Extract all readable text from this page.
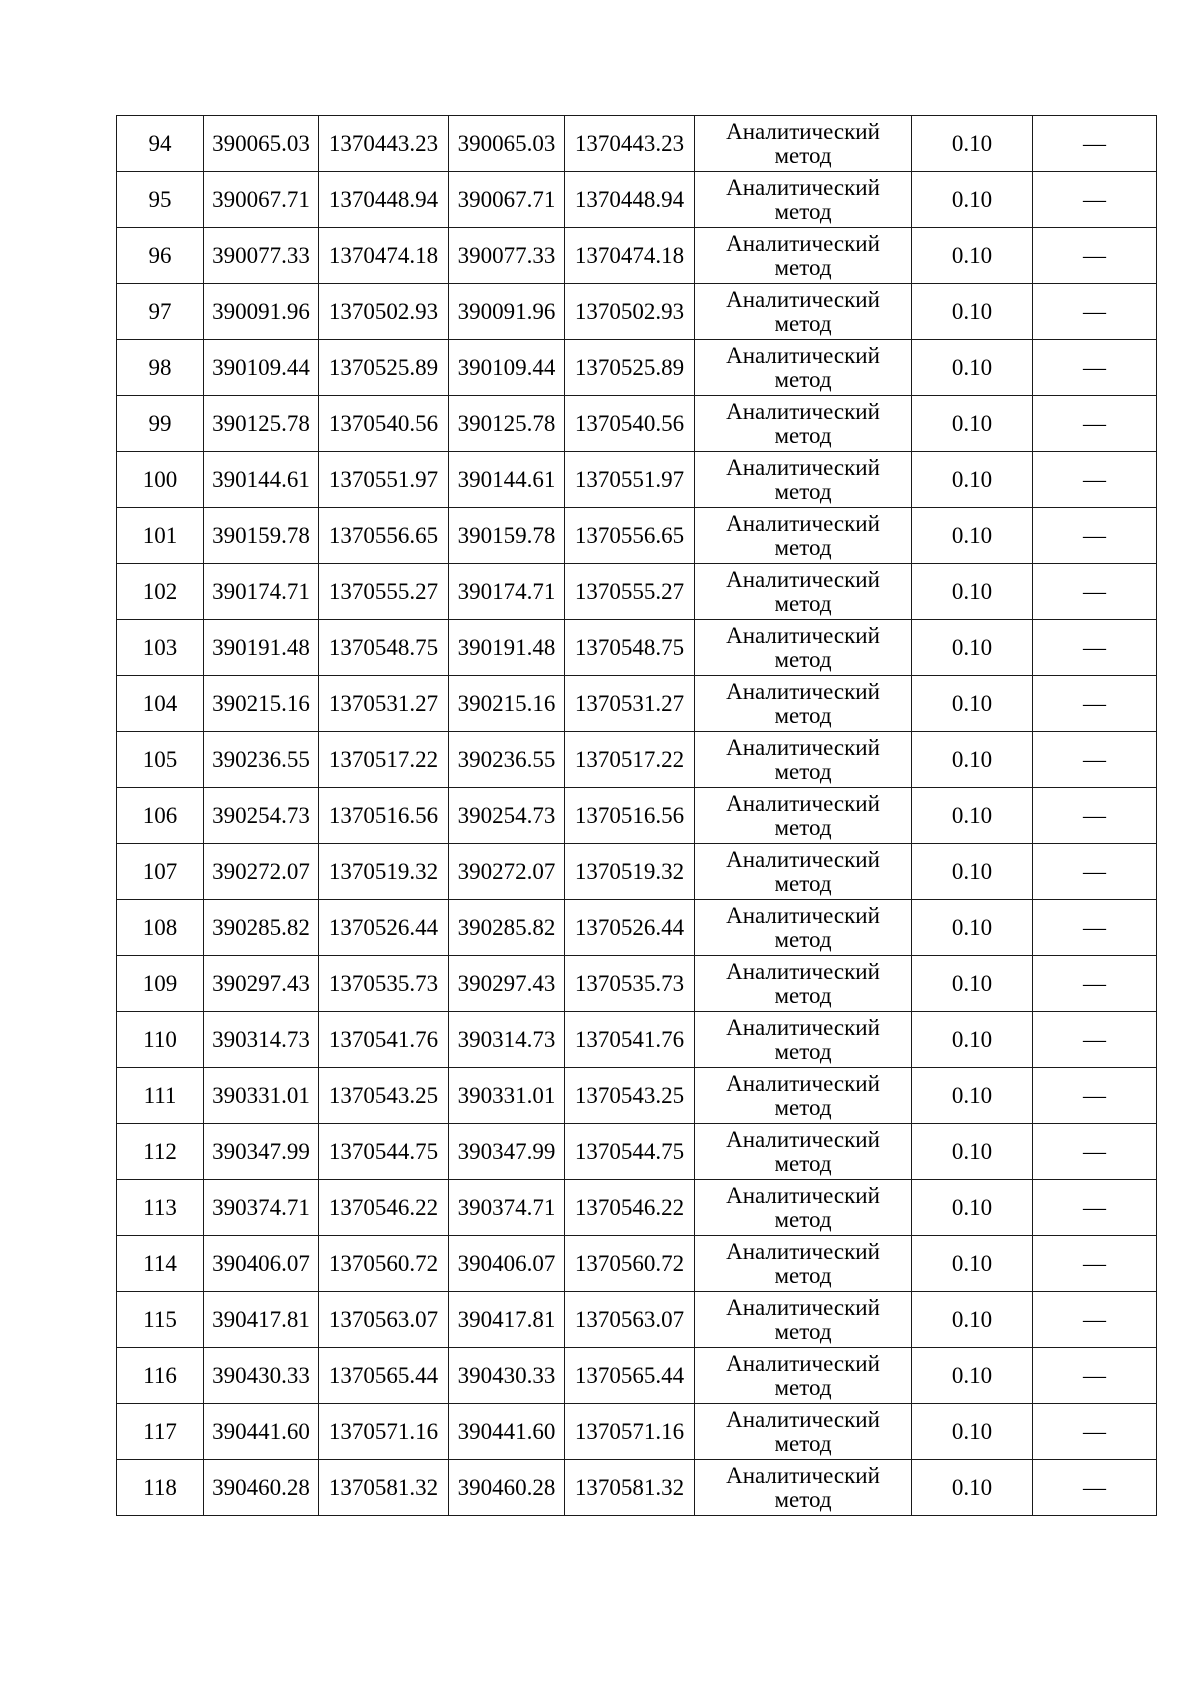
94	390065.03	1370443.23	390065.03	1370443.23	Аналитический метод	0.10	—
95	390067.71	1370448.94	390067.71	1370448.94	Аналитический метод	0.10	—
96	390077.33	1370474.18	390077.33	1370474.18	Аналитический метод	0.10	—
97	390091.96	1370502.93	390091.96	1370502.93	Аналитический метод	0.10	—
98	390109.44	1370525.89	390109.44	1370525.89	Аналитический метод	0.10	—
99	390125.78	1370540.56	390125.78	1370540.56	Аналитический метод	0.10	—
100	390144.61	1370551.97	390144.61	1370551.97	Аналитический метод	0.10	—
101	390159.78	1370556.65	390159.78	1370556.65	Аналитический метод	0.10	—
102	390174.71	1370555.27	390174.71	1370555.27	Аналитический метод	0.10	—
103	390191.48	1370548.75	390191.48	1370548.75	Аналитический метод	0.10	—
104	390215.16	1370531.27	390215.16	1370531.27	Аналитический метод	0.10	—
105	390236.55	1370517.22	390236.55	1370517.22	Аналитический метод	0.10	—
106	390254.73	1370516.56	390254.73	1370516.56	Аналитический метод	0.10	—
107	390272.07	1370519.32	390272.07	1370519.32	Аналитический метод	0.10	—
108	390285.82	1370526.44	390285.82	1370526.44	Аналитический метод	0.10	—
109	390297.43	1370535.73	390297.43	1370535.73	Аналитический метод	0.10	—
110	390314.73	1370541.76	390314.73	1370541.76	Аналитический метод	0.10	—
111	390331.01	1370543.25	390331.01	1370543.25	Аналитический метод	0.10	—
112	390347.99	1370544.75	390347.99	1370544.75	Аналитический метод	0.10	—
113	390374.71	1370546.22	390374.71	1370546.22	Аналитический метод	0.10	—
114	390406.07	1370560.72	390406.07	1370560.72	Аналитический метод	0.10	—
115	390417.81	1370563.07	390417.81	1370563.07	Аналитический метод	0.10	—
116	390430.33	1370565.44	390430.33	1370565.44	Аналитический метод	0.10	—
117	390441.60	1370571.16	390441.60	1370571.16	Аналитический метод	0.10	—
118	390460.28	1370581.32	390460.28	1370581.32	Аналитический метод	0.10	—
